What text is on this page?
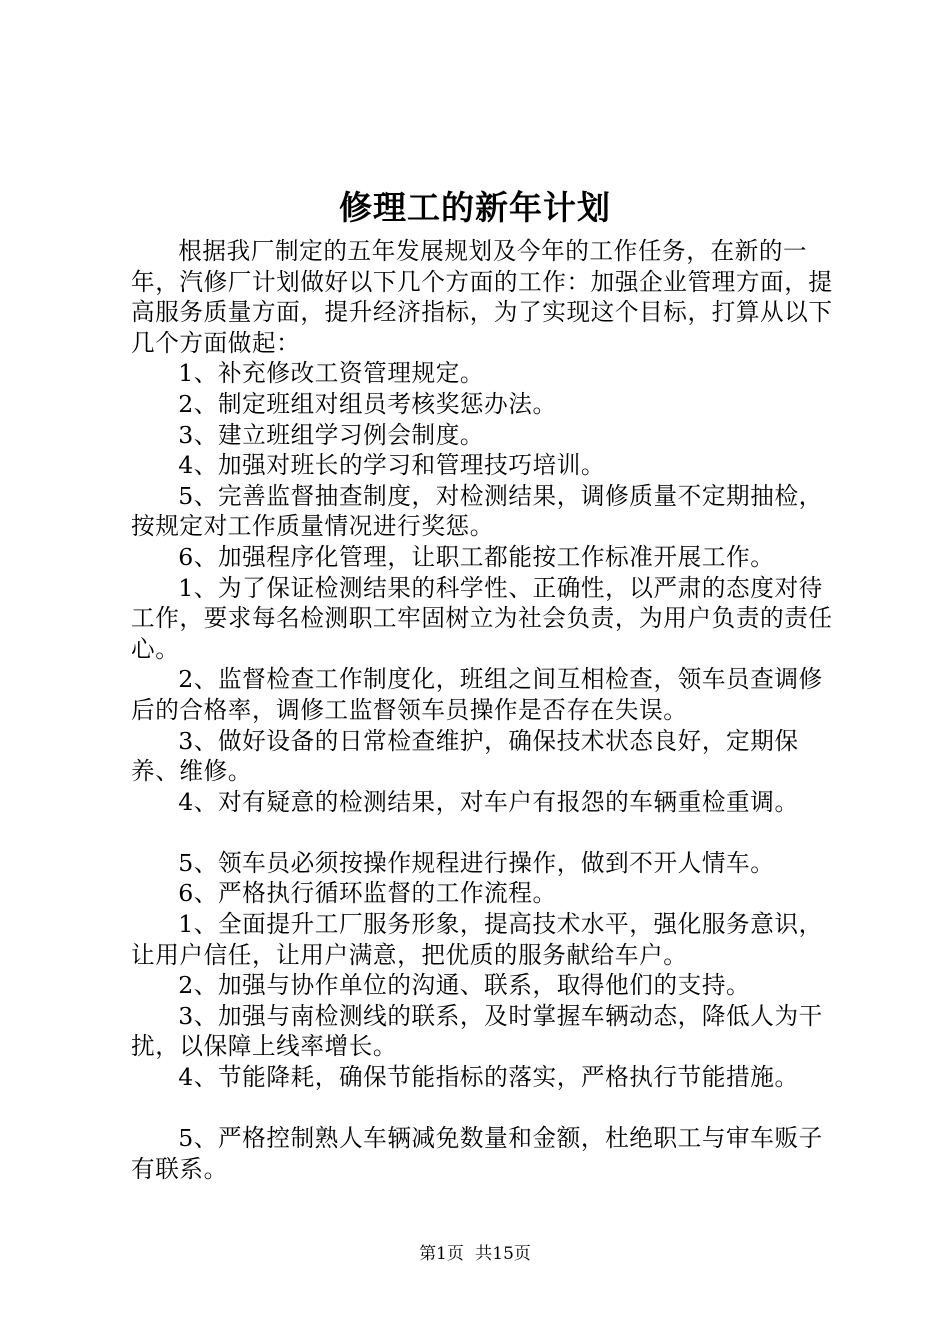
修理工的新年计划

根据我厂制定的五年发展规划及今年的工作任务，在新的一年，汽修厂计划做好以下几个方面的工作：加强企业管理方面，提高服务质量方面，提升经济指标，为了实现这个目标，打算从以下几个方面做起：

1、补充修改工资管理规定。

2、制定班组对组员考核奖惩办法。

3、建立班组学习例会制度。

4、加强对班长的学习和管理技巧培训。

5、完善监督抽查制度，对检测结果，调修质量不定期抽检，按规定对工作质量情况进行奖惩。

6、加强程序化管理，让职工都能按工作标准开展工作。

1、为了保证检测结果的科学性、正确性，以严肃的态度对待工作，要求每名检测职工牢固树立为社会负责，为用户负责的责任心。

2、监督检查工作制度化，班组之间互相检查，领车员查调修后的合格率，调修工监督领车员操作是否存在失误。

3、做好设备的日常检查维护，确保技术状态良好，定期保养、维修。

4、对有疑意的检测结果，对车户有报怨的车辆重检重调。

5、领车员必须按操作规程进行操作，做到不开人情车。

6、严格执行循环监督的工作流程。

1、全面提升工厂服务形象，提高技术水平，强化服务意识，让用户信任，让用户满意，把优质的服务献给车户。

2、加强与协作单位的沟通、联系，取得他们的支持。

3、加强与南检测线的联系，及时掌握车辆动态，降低人为干扰，以保障上线率增长。

4、节能降耗，确保节能指标的落实，严格执行节能措施。

5、严格控制熟人车辆减免数量和金额，杜绝职工与审车贩子有联系。

第1页 共15页
